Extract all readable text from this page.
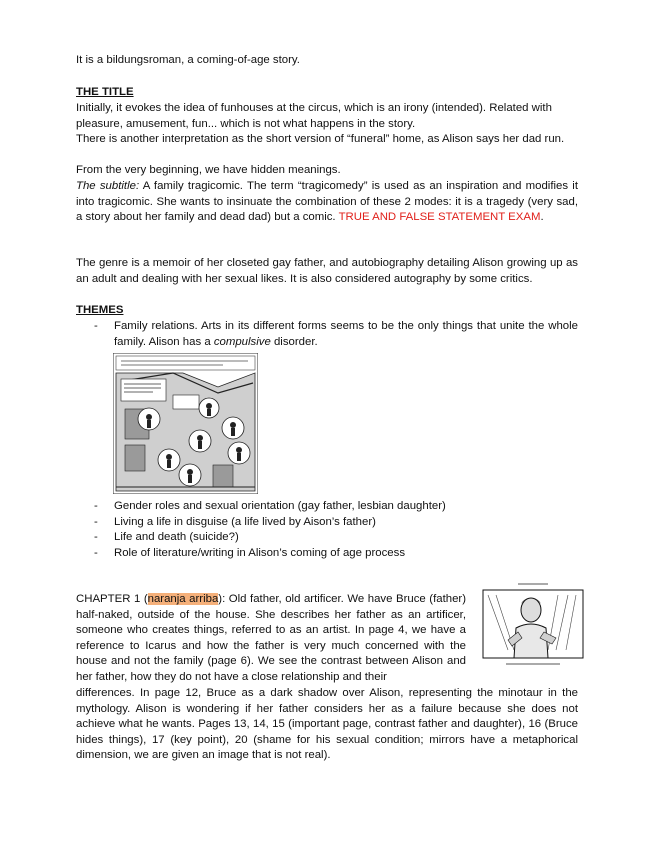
It is a bildungsroman, a coming-of-age story.

THE TITLE

Initially, it evokes the idea of funhouses at the circus, which is an irony (intended). Related with pleasure, amusement, fun... which is not what happens in the story.

There is another interpretation as the short version of “funeral” home, as Alison says her dad run.

From the very beginning, we have hidden meanings.

The subtitle: A family tragicomic. The term “tragicomedy” is used as an inspiration and modifies it into tragicomic. She wants to insinuate the combination of these 2 modes: it is a tragedy (very sad, a story about her family and dead dad) but a comic. TRUE AND FALSE STATEMENT EXAM.

The genre is a memoir of her closeted gay father, and autobiography detailing Alison growing up as an adult and dealing with her sexual likes. It is also considered autography by some critics.

THEMES

- Family relations. Arts in its different forms seems to be the only things that unite the whole family. Alison has a compulsive disorder.
- Gender roles and sexual orientation (gay father, lesbian daughter)
- Living a life in disguise (a life lived by Aison’s father)
- Life and death (suicide?)
- Role of literature/writing in Alison’s coming of age process

CHAPTER 1 (naranja arriba): Old father, old artificer. We have Bruce (father) half-naked, outside of the house. She describes her father as an artificer, someone who creates things, referred to as an artist. In page 4, we have a reference to Icarus and how the father is very much concerned with the house and not the family (page 6). We see the contrast between Alison and her father, how they do not have a close relationship and their

differences. In page 12, Bruce as a dark shadow over Alison, representing the minotaur in the mythology. Alison is wondering if her father considers her as a failure because she does not achieve what he wants. Pages 13, 14, 15 (important page, contrast father and daughter), 16 (Bruce hides things), 17 (key point), 20 (shame for his sexual condition; mirrors have a metaphorical dimension, we are given an image that is not real).
